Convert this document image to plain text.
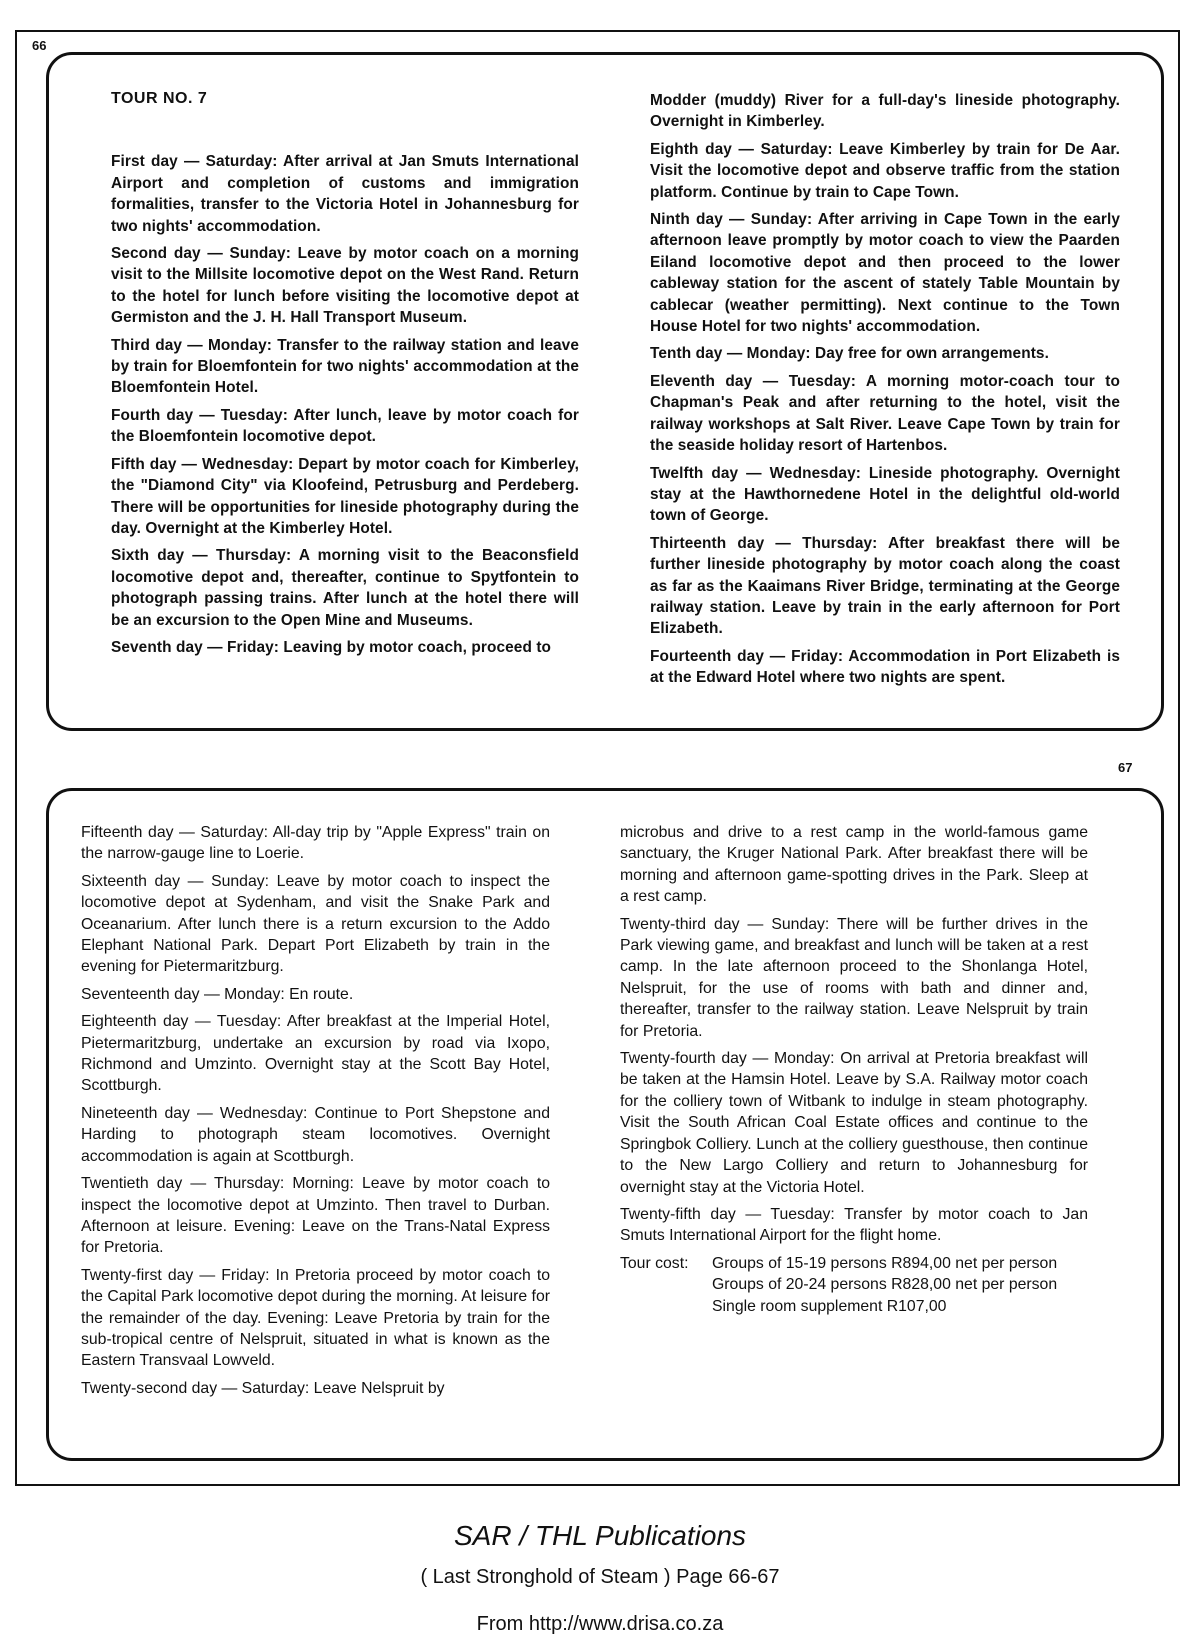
66
67
TOUR NO. 7

First day — Saturday: After arrival at Jan Smuts International Airport and completion of customs and immigration formalities, transfer to the Victoria Hotel in Johannesburg for two nights' accommodation.

Second day — Sunday: Leave by motor coach on a morning visit to the Millsite locomotive depot on the West Rand. Return to the hotel for lunch before visiting the locomotive depot at Germiston and the J. H. Hall Transport Museum.

Third day — Monday: Transfer to the railway station and leave by train for Bloemfontein for two nights' accommodation at the Bloemfontein Hotel.

Fourth day — Tuesday: After lunch, leave by motor coach for the Bloemfontein locomotive depot.

Fifth day — Wednesday: Depart by motor coach for Kimberley, the "Diamond City" via Kloofeind, Petrusburg and Perdeberg. There will be opportunities for lineside photography during the day. Overnight at the Kimberley Hotel.

Sixth day — Thursday: A morning visit to the Beaconsfield locomotive depot and, thereafter, continue to Spytfontein to photograph passing trains. After lunch at the hotel there will be an excursion to the Open Mine and Museums.

Seventh day — Friday: Leaving by motor coach, proceed to

Modder (muddy) River for a full-day's lineside photography. Overnight in Kimberley.

Eighth day — Saturday: Leave Kimberley by train for De Aar. Visit the locomotive depot and observe traffic from the station platform. Continue by train to Cape Town.

Ninth day — Sunday: After arriving in Cape Town in the early afternoon leave promptly by motor coach to view the Paarden Eiland locomotive depot and then proceed to the lower cableway station for the ascent of stately Table Mountain by cablecar (weather permitting). Next continue to the Town House Hotel for two nights' accommodation.

Tenth day — Monday: Day free for own arrangements.

Eleventh day — Tuesday: A morning motor-coach tour to Chapman's Peak and after returning to the hotel, visit the railway workshops at Salt River. Leave Cape Town by train for the seaside holiday resort of Hartenbos.

Twelfth day — Wednesday: Lineside photography. Overnight stay at the Hawthornedene Hotel in the delightful old-world town of George.

Thirteenth day — Thursday: After breakfast there will be further lineside photography by motor coach along the coast as far as the Kaaimans River Bridge, terminating at the George railway station. Leave by train in the early afternoon for Port Elizabeth.

Fourteenth day — Friday: Accommodation in Port Elizabeth is at the Edward Hotel where two nights are spent.

Fifteenth day — Saturday: All-day trip by "Apple Express" train on the narrow-gauge line to Loerie.

Sixteenth day — Sunday: Leave by motor coach to inspect the locomotive depot at Sydenham, and visit the Snake Park and Oceanarium. After lunch there is a return excursion to the Addo Elephant National Park. Depart Port Elizabeth by train in the evening for Pietermaritzburg.

Seventeenth day — Monday: En route.

Eighteenth day — Tuesday: After breakfast at the Imperial Hotel, Pietermaritzburg, undertake an excursion by road via Ixopo, Richmond and Umzinto. Overnight stay at the Scott Bay Hotel, Scottburgh.

Nineteenth day — Wednesday: Continue to Port Shepstone and Harding to photograph steam locomotives. Overnight accommodation is again at Scottburgh.

Twentieth day — Thursday: Morning: Leave by motor coach to inspect the locomotive depot at Umzinto. Then travel to Durban. Afternoon at leisure. Evening: Leave on the Trans-Natal Express for Pretoria.

Twenty-first day — Friday: In Pretoria proceed by motor coach to the Capital Park locomotive depot during the morning. At leisure for the remainder of the day. Evening: Leave Pretoria by train for the sub-tropical centre of Nelspruit, situated in what is known as the Eastern Transvaal Lowveld.

Twenty-second day — Saturday: Leave Nelspruit by

microbus and drive to a rest camp in the world-famous game sanctuary, the Kruger National Park. After breakfast there will be morning and afternoon game-spotting drives in the Park. Sleep at a rest camp.

Twenty-third day — Sunday: There will be further drives in the Park viewing game, and breakfast and lunch will be taken at a rest camp. In the late afternoon proceed to the Shonlanga Hotel, Nelspruit, for the use of rooms with bath and dinner and, thereafter, transfer to the railway station. Leave Nelspruit by train for Pretoria.

Twenty-fourth day — Monday: On arrival at Pretoria breakfast will be taken at the Hamsin Hotel. Leave by S.A. Railway motor coach for the colliery town of Witbank to indulge in steam photography. Visit the South African Coal Estate offices and continue to the Springbok Colliery. Lunch at the colliery guesthouse, then continue to the New Largo Colliery and return to Johannesburg for overnight stay at the Victoria Hotel.

Twenty-fifth day — Tuesday: Transfer by motor coach to Jan Smuts International Airport for the flight home.

Tour cost:	Groups of 15-19 persons R894,00 net per person
Groups of 20-24 persons R828,00 net per person
Single room supplement R107,00
SAR / THL Publications
( Last Stronghold of Steam ) Page 66-67
From http://www.drisa.co.za
